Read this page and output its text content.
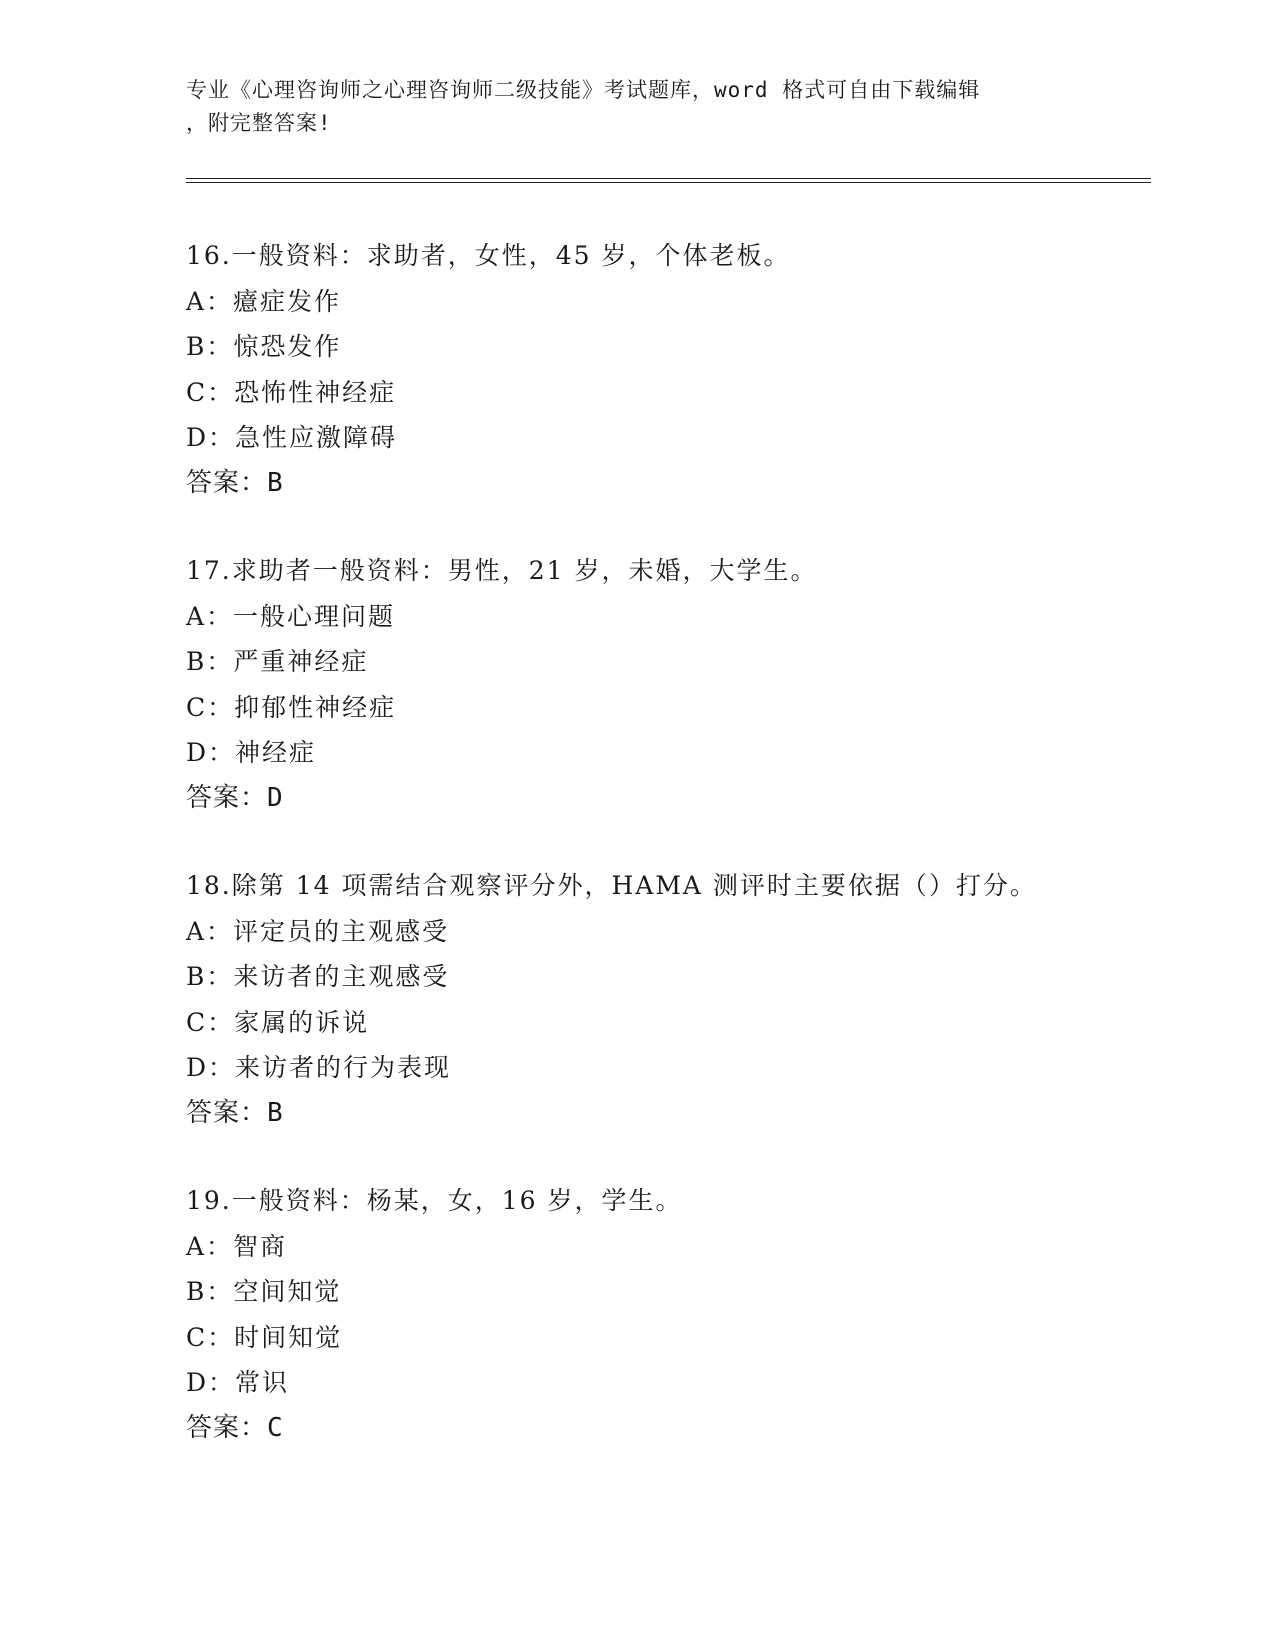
专业《心理咨询师之心理咨询师二级技能》考试题库，word 格式可自由下载编辑
，附完整答案!
16.一般资料：求助者，女性，45 岁，个体老板。
A：癔症发作
B：惊恐发作
C：恐怖性神经症
D：急性应激障碍
答案：B
17.求助者一般资料：男性，21 岁，未婚，大学生。
A：一般心理问题
B：严重神经症
C：抑郁性神经症
D：神经症
答案：D
18.除第 14 项需结合观察评分外，HAMA 测评时主要依据（）打分。
A：评定员的主观感受
B：来访者的主观感受
C：家属的诉说
D：来访者的行为表现
答案：B
19.一般资料：杨某，女，16 岁，学生。
A：智商
B：空间知觉
C：时间知觉
D：常识
答案：C
